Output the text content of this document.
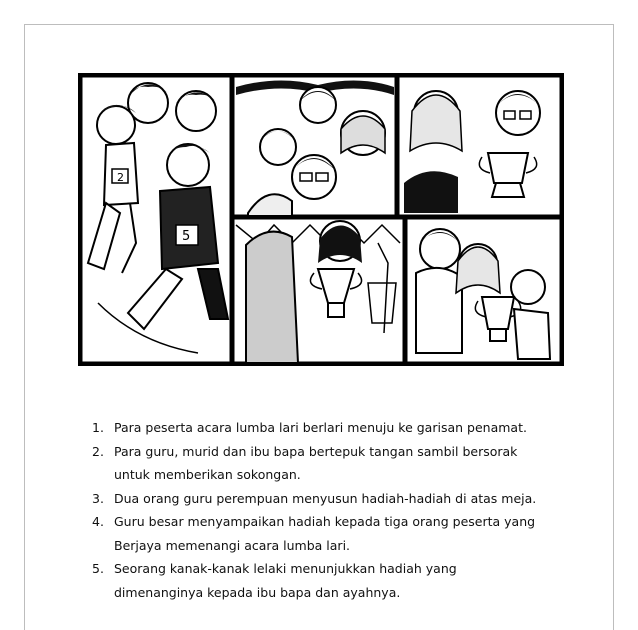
2
5
1. Para peserta acara lumba lari berlari menuju ke garisan penamat.
2. Para guru, murid dan ibu bapa bertepuk tangan sambil bersorak
untuk memberikan sokongan.
3. Dua orang guru perempuan menyusun hadiah-hadiah di atas meja.
4. Guru besar menyampaikan hadiah kepada tiga orang peserta yang
Berjaya memenangi acara lumba lari.
5. Seorang kanak-kanak lelaki menunjukkan hadiah yang
dimenanginya kepada ibu bapa dan ayahnya.
